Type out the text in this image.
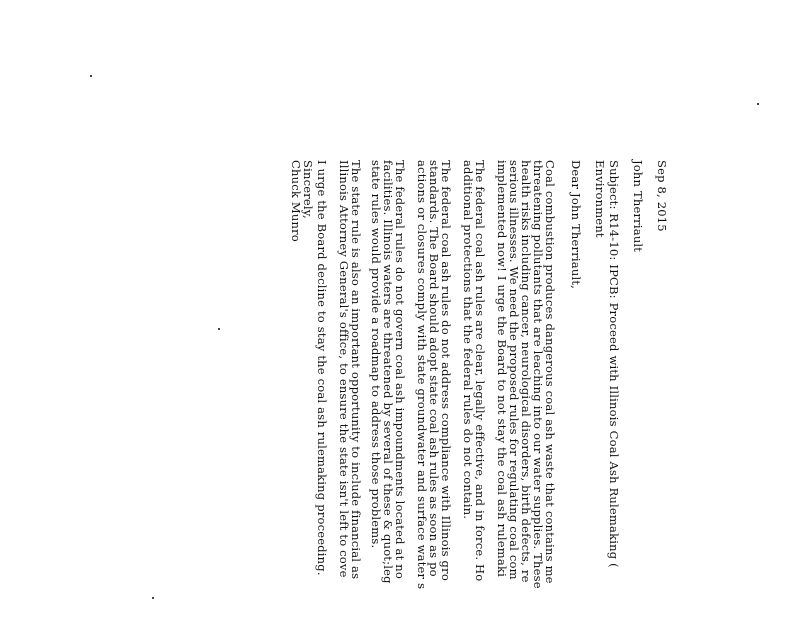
Sep 8, 2015
John Therriault
Subject: R14-10: IPCB: Proceed with Illinois Coal Ash Rulemaking (
Environment
Dear John Therriault,
Coal combustion produces dangerous coal ash waste that contains me
threatening pollutants that are leaching into our water supplies. These
health risks including cancer, neurological disorders, birth defects, re
serious illnesses. We need the proposed rules for regulating coal com
implemented now! I urge the Board to not stay the coal ash rulemaki
The federal coal ash rules are clear, legally effective, and in force. Ho
additional protections that the federal rules do not contain.
The federal coal ash rules do not address compliance with Illinois gro
standards. The Board should adopt state coal ash rules as soon as po
actions or closures comply with state groundwater and surface water s
The federal rules do not govern coal ash impoundments located at no
facilities. Illinois waters are threatened by several of these & quot;leg
state rules would provide a roadmap to address those problems.
The state rule is also an important opportunity to include financial as
Illinois Attorney General's office, to ensure the state isn't left to cove
I urge the Board decline to stay the coal ash rulemaking proceeding.
Sincerely,
Chuck Munro
